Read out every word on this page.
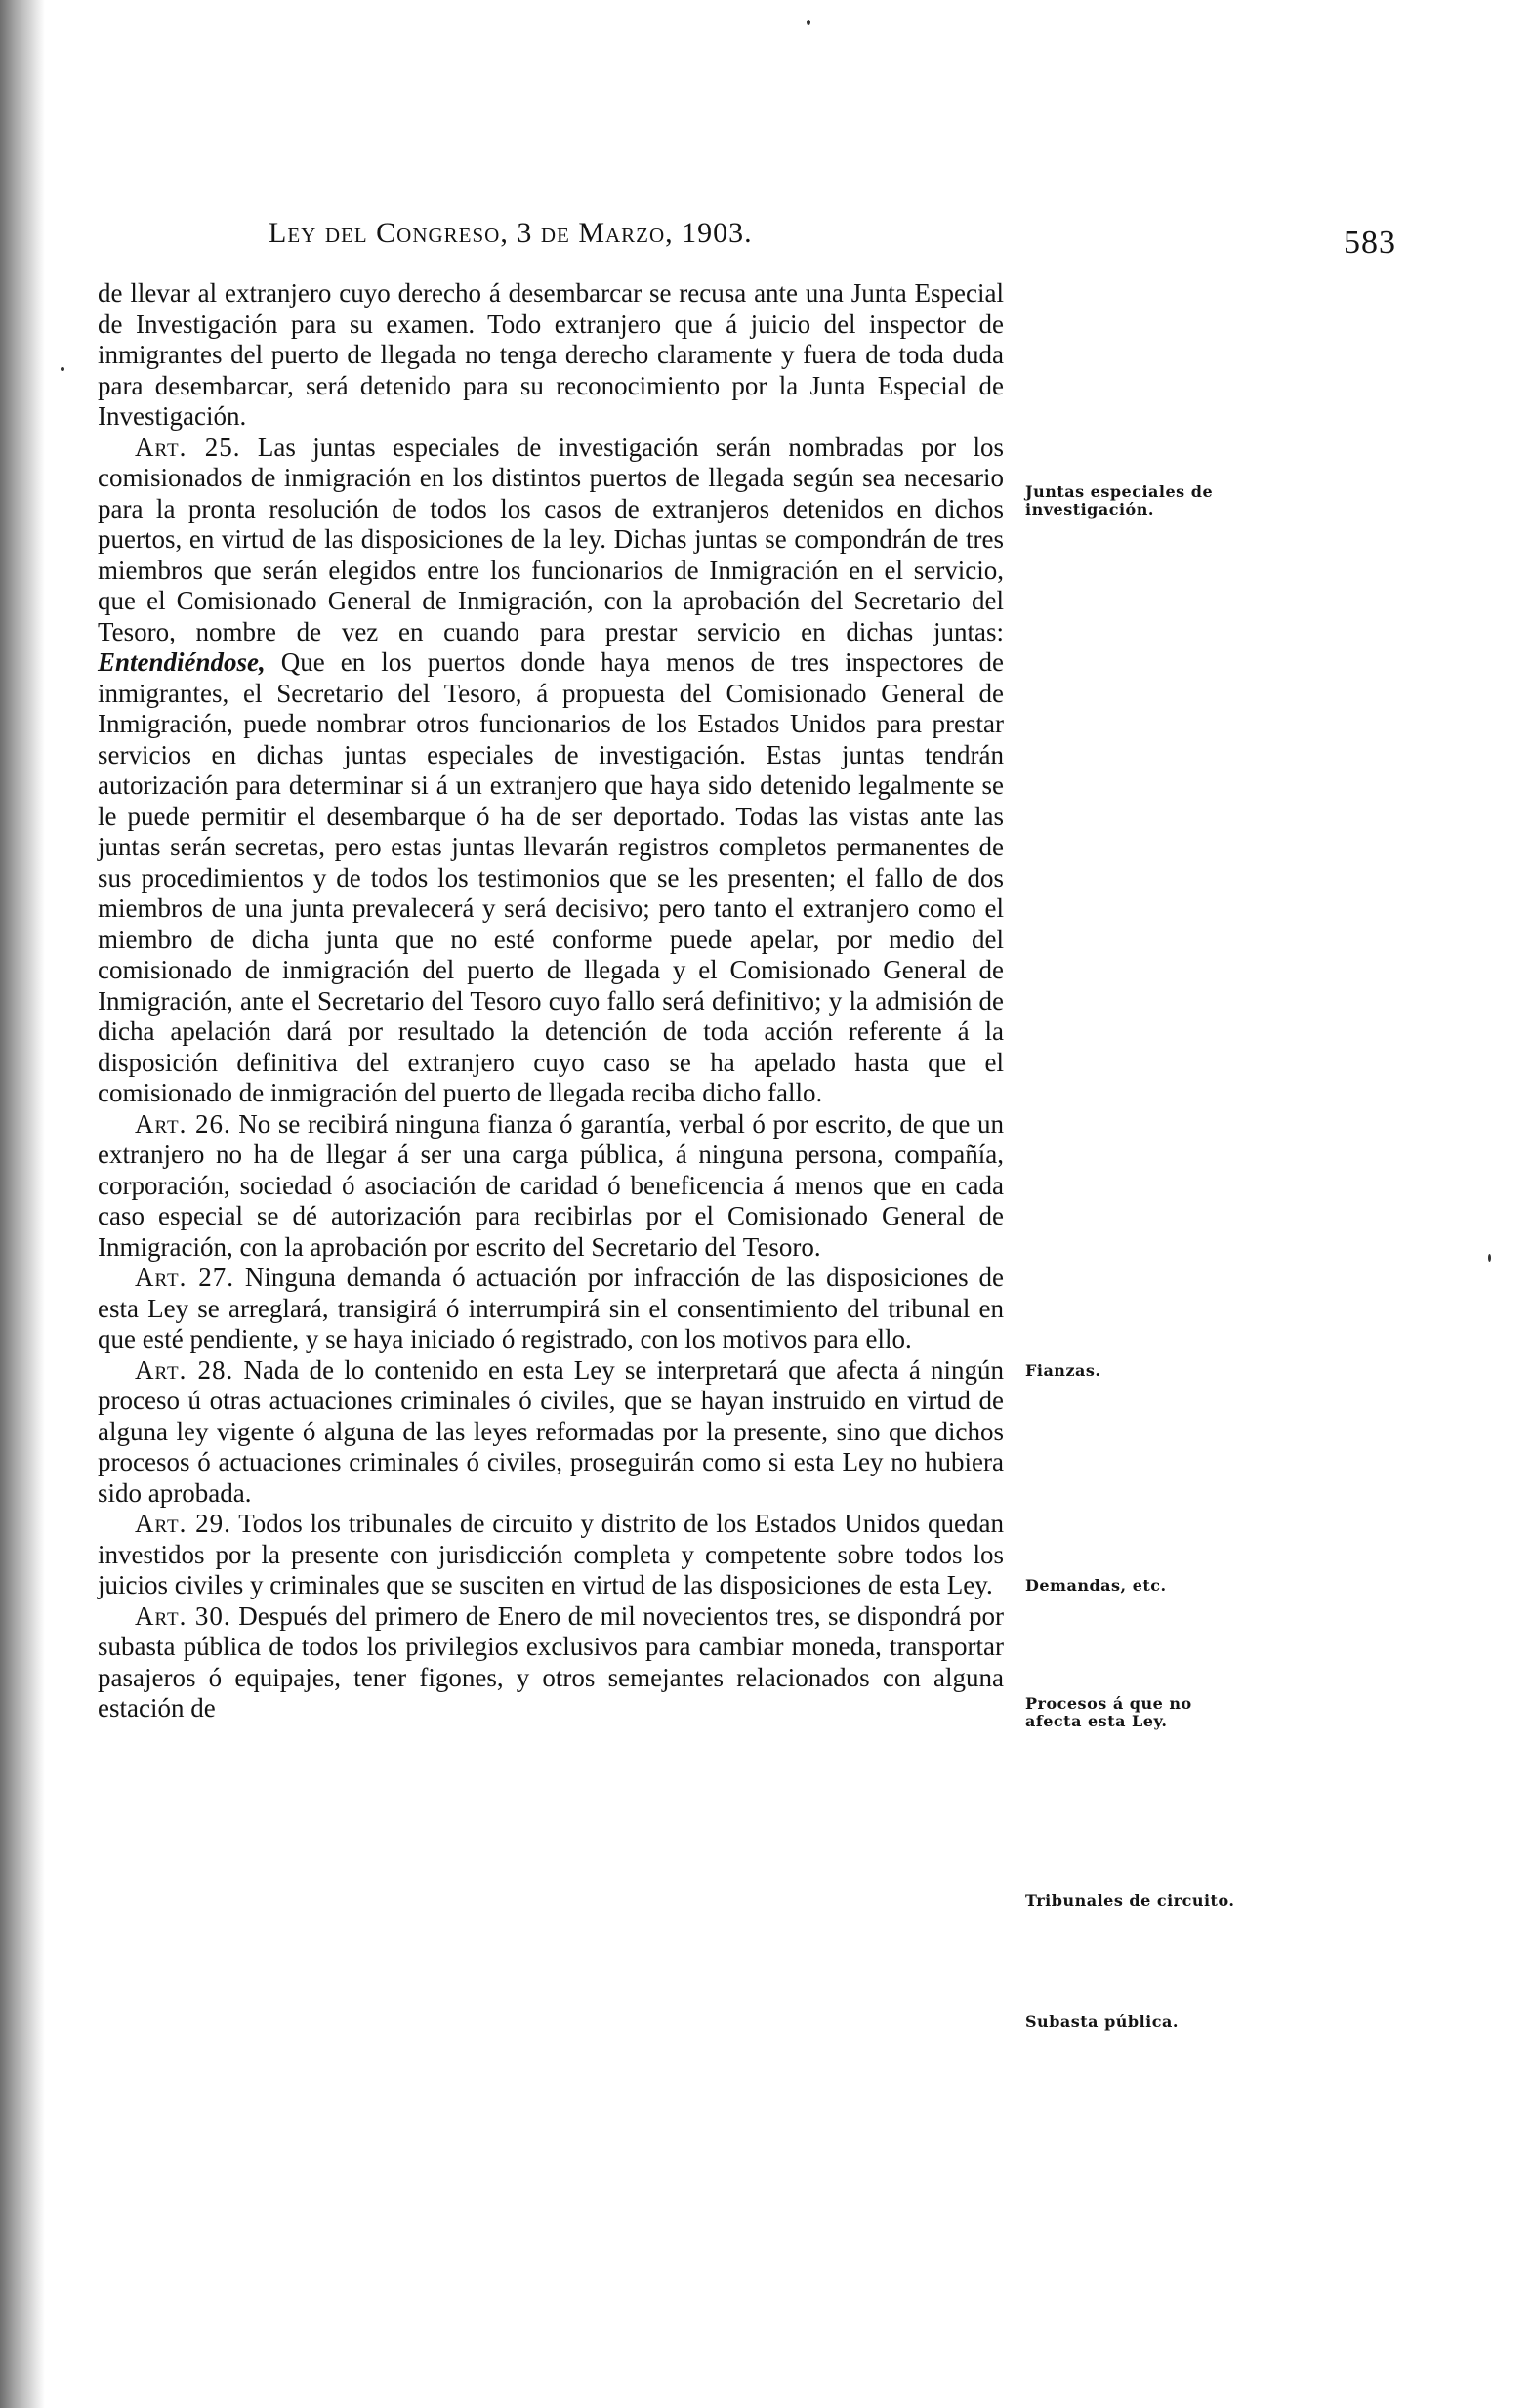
Ley del Congreso, 3 de Marzo, 1903.	583

de llevar al extranjero cuyo derecho á desembarcar se recusa ante una Junta Especial de Investigación para su examen. Todo extranjero que á juicio del inspector de inmigrantes del puerto de llegada no tenga derecho claramente y fuera de toda duda para desembarcar, será detenido para su reconocimiento por la Junta Especial de Investigación.

Art. 25. Las juntas especiales de investigación serán nombradas por los comisionados de inmigración en los distintos puertos de llegada según sea necesario para la pronta resolución de todos los casos de extranjeros detenidos en dichos puertos, en virtud de las disposiciones de la ley. Dichas juntas se compondrán de tres miembros que serán elegidos entre los funcionarios de Inmigración en el servicio, que el Comisionado General de Inmigración, con la aprobación del Secretario del Tesoro, nombre de vez en cuando para prestar servicio en dichas juntas: Entendiéndose, Que en los puertos donde haya menos de tres inspectores de inmigrantes, el Secretario del Tesoro, á propuesta del Comisionado General de Inmigración, puede nombrar otros funcionarios de los Estados Unidos para prestar servicios en dichas juntas especiales de investigación. Estas juntas tendrán autorización para determinar si á un extranjero que haya sido detenido legalmente se le puede permitir el desembarque ó ha de ser deportado. Todas las vistas ante las juntas serán secretas, pero estas juntas llevarán registros completos permanentes de sus procedimientos y de todos los testimonios que se les presenten; el fallo de dos miembros de una junta prevalecerá y será decisivo; pero tanto el extranjero como el miembro de dicha junta que no esté conforme puede apelar, por medio del comisionado de inmigración del puerto de llegada y el Comisionado General de Inmigración, ante el Secretario del Tesoro cuyo fallo será definitivo; y la admisión de dicha apelación dará por resultado la detención de toda acción referente á la disposición definitiva del extranjero cuyo caso se ha apelado hasta que el comisionado de inmigración del puerto de llegada reciba dicho fallo.

Art. 26. No se recibirá ninguna fianza ó garantía, verbal ó por escrito, de que un extranjero no ha de llegar á ser una carga pública, á ninguna persona, compañía, corporación, sociedad ó asociación de caridad ó beneficencia á menos que en cada caso especial se dé autorización para recibirlas por el Comisionado General de Inmigración, con la aprobación por escrito del Secretario del Tesoro.

Art. 27. Ninguna demanda ó actuación por infracción de las disposiciones de esta Ley se arreglará, transigirá ó interrumpirá sin el consentimiento del tribunal en que esté pendiente, y se haya iniciado ó registrado, con los motivos para ello.

Art. 28. Nada de lo contenido en esta Ley se interpretará que afecta á ningún proceso ú otras actuaciones criminales ó civiles, que se hayan instruido en virtud de alguna ley vigente ó alguna de las leyes reformadas por la presente, sino que dichos procesos ó actuaciones criminales ó civiles, proseguirán como si esta Ley no hubiera sido aprobada.

Art. 29. Todos los tribunales de circuito y distrito de los Estados Unidos quedan investidos por la presente con jurisdicción completa y competente sobre todos los juicios civiles y criminales que se susciten en virtud de las disposiciones de esta Ley.

Art. 30. Después del primero de Enero de mil novecientos tres, se dispondrá por subasta pública de todos los privilegios exclusivos para cambiar moneda, transportar pasajeros ó equipajes, tener figones, y otros semejantes relacionados con alguna estación de

Juntas especiales de investigación.
Fianzas.
Demandas, etc.
Procesos á que no afecta esta Ley.
Tribunales de circuito.
Subasta pública.
